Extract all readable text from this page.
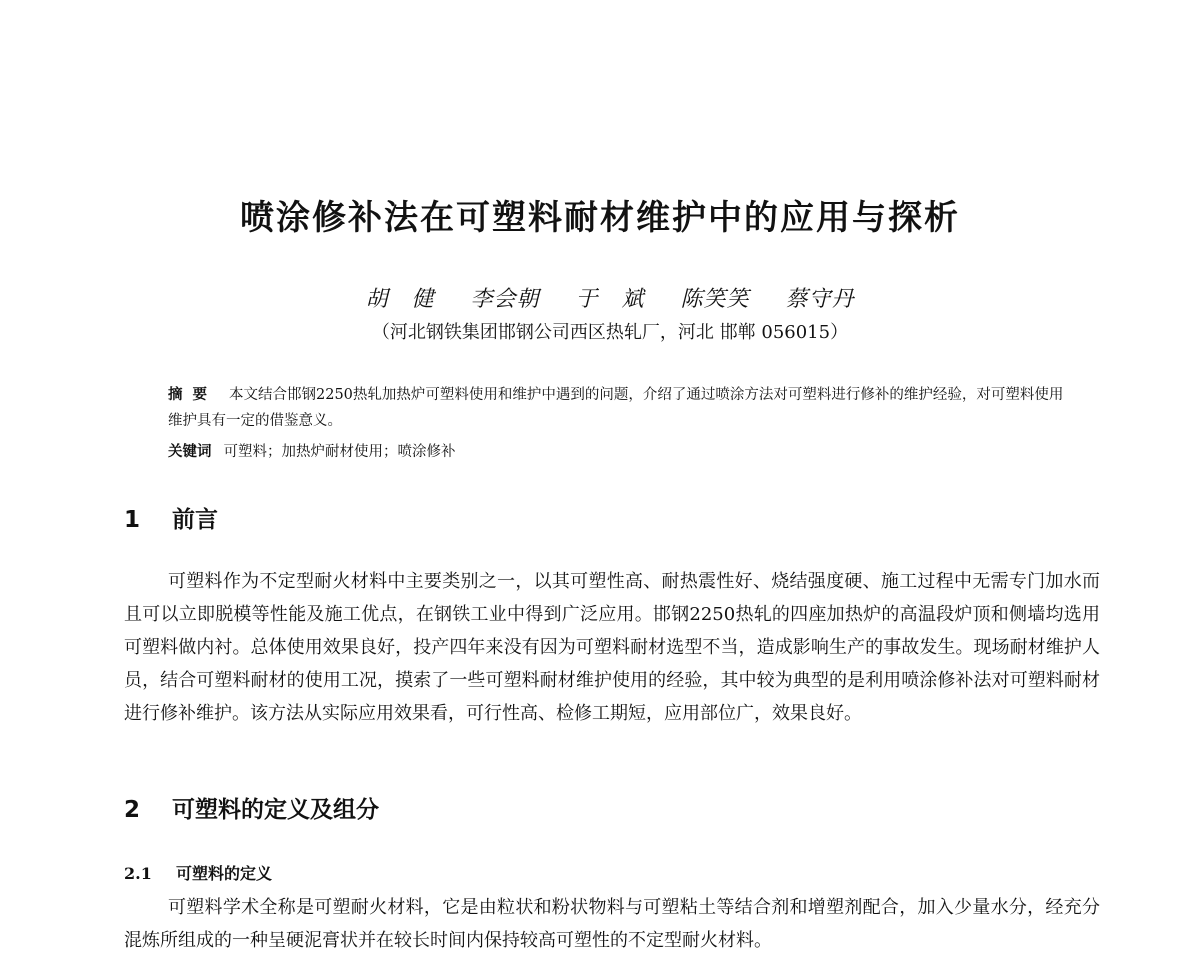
喷涂修补法在可塑料耐材维护中的应用与探析
胡　健 李会朝 于　斌 陈笑笑 蔡守丹
（河北钢铁集团邯钢公司西区热轧厂，河北 邯郸 056015）
摘要 本文结合邯钢2250热轧加热炉可塑料使用和维护中遇到的问题，介绍了通过喷涂方法对可塑料进行修补的维护经验，对可塑料使用维护具有一定的借鉴意义。
关键词 可塑料；加热炉耐材使用；喷涂修补
1 前言

可塑料作为不定型耐火材料中主要类别之一，以其可塑性高、耐热震性好、烧结强度硬、施工过程中无需专门加水而且可以立即脱模等性能及施工优点，在钢铁工业中得到广泛应用。邯钢2250热轧的四座加热炉的高温段炉顶和侧墙均选用可塑料做内衬。总体使用效果良好，投产四年来没有因为可塑料耐材选型不当，造成影响生产的事故发生。现场耐材维护人员，结合可塑料耐材的使用工况，摸索了一些可塑料耐材维护使用的经验，其中较为典型的是利用喷涂修补法对可塑料耐材进行修补维护。该方法从实际应用效果看，可行性高、检修工期短，应用部位广，效果良好。

2 可塑料的定义及组分
2.1 可塑料的定义

可塑料学术全称是可塑耐火材料，它是由粒状和粉状物料与可塑粘土等结合剂和增塑剂配合，加入少量水分，经充分混炼所组成的一种呈硬泥膏状并在较长时间内保持较高可塑性的不定型耐火材料。
